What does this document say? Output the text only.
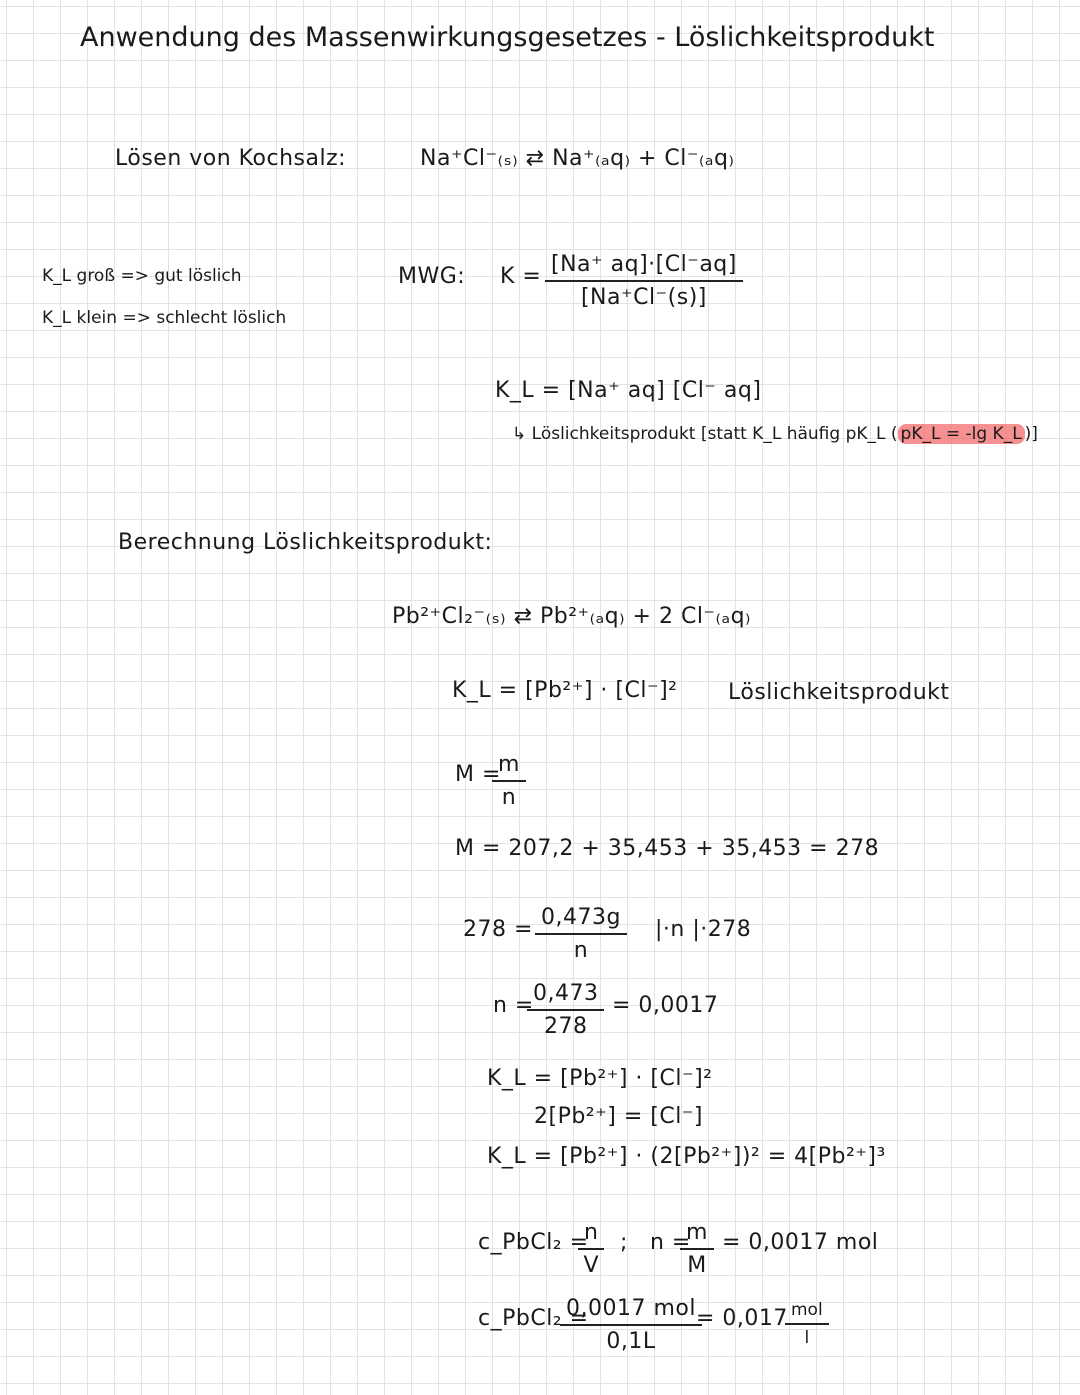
Anwendung des Massenwirkungsgesetzes - Löslichkeitsprodukt
Lösen von Kochsalz:	Na⁺Cl⁻₍ₛ₎ ⇄ Na⁺₍ₐq₎ + Cl⁻₍ₐq₎
K_L groß => gut löslich
K_L klein => schlecht löslich
MWG: $K = \frac{[Na^+ aq]\cdot[Cl^-aq]}{[Na^+Cl^-(s)]}$
K_L = [Na⁺ aq] [Cl⁻ aq]
↳ Löslichkeitsprodukt [statt K_L häufig pK_L ( pK_L = -lg K_L )]
Berechnung Löslichkeitsprodukt:
Pb²⁺Cl₂⁻₍ₛ₎ ⇄ Pb²⁺₍ₐq₎ + 2 Cl⁻₍ₐq₎
K_L = [Pb²⁺] · [Cl⁻]² Löslichkeitsprodukt
M =
$\frac{m}{n}$
M = 207,2 + 35,453 + 35,453 = 278
$278 = \frac{0,473g}{n} |\cdot n$ |·278
n =
$\frac{0,473}{278} = 0,0017$
K_L = [Pb²⁺] · [Cl⁻]²
2[Pb²⁺] = [Cl⁻]
K_L = [Pb²⁺] · (2[Pb²⁺])² = 4[Pb²⁺]³
c_PbCl₂ =
$\frac{n}{V}$ ; n =
$\frac{m}{M} = 0,0017$ mol
c_PbCl₂ =
0,0017 mol
0,1L
= 0,017 mol
l
